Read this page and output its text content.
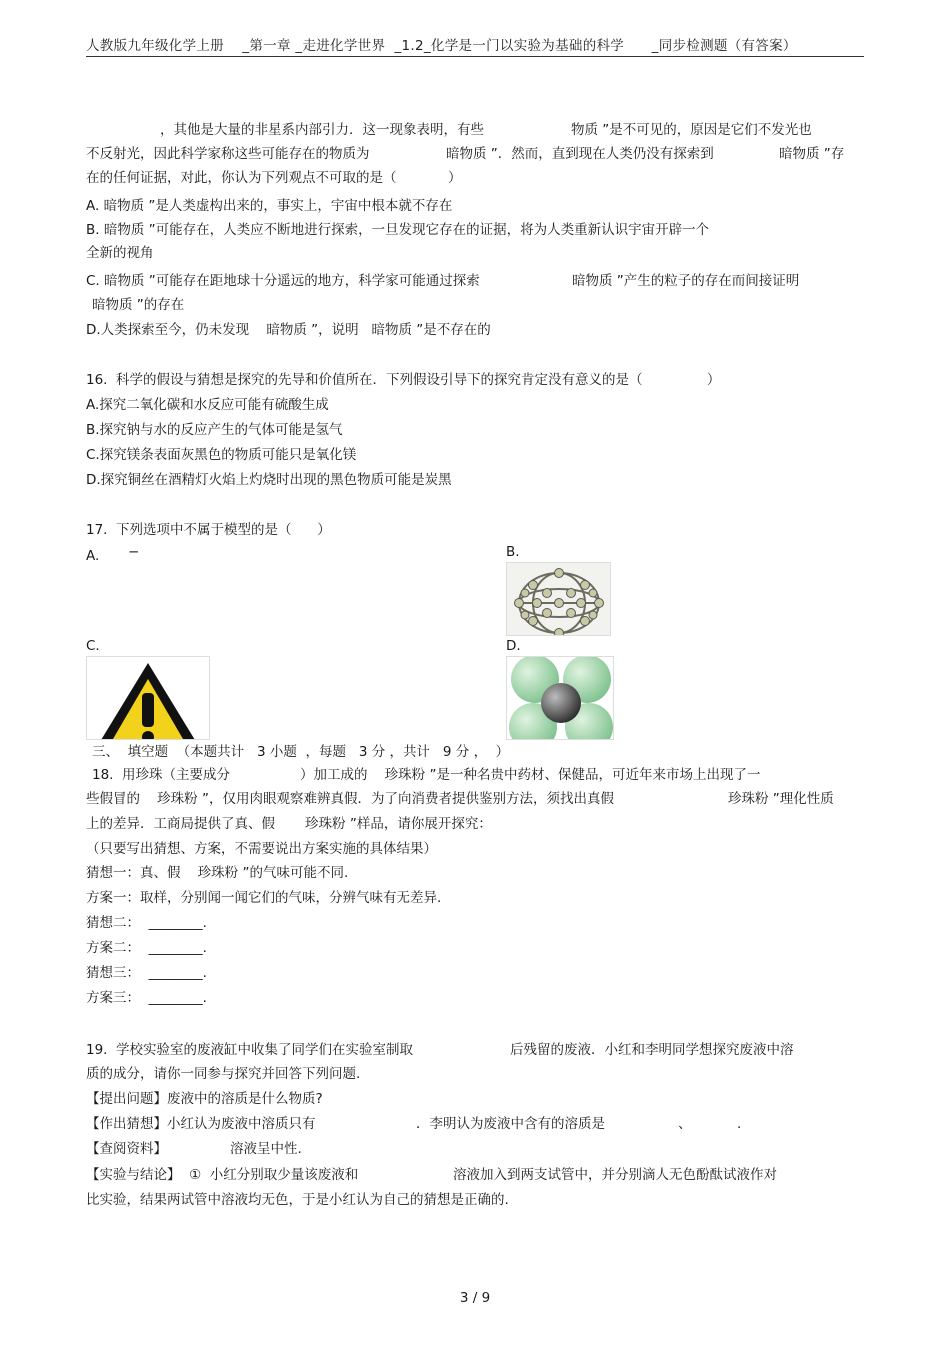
人教版九年级化学上册    _第一章 _走进化学世界  _1.2_化学是一门以实验为基础的科学      _同步检测题（有答案）
，其他是大量的非星系内部引力．这一现象表明，有些	物质 ”是不可见的，原因是它们不发光也
不反射光，因此科学家称这些可能存在的物质为	暗物质 ”．然而，直到现在人类仍没有探索到	暗物质 ”存
在的任何证据，对此，你认为下列观点不可取的是（            ）
A. 暗物质 ”是人类虚构出来的，事实上，宇宙中根本就不存在
B. 暗物质 ”可能存在，人类应不断地进行探索，一旦发现它存在的证据，将为人类重新认识宇宙开辟一个
全新的视角
C. 暗物质 ”可能存在距地球十分遥远的地方，科学家可能通过探索	暗物质 ”产生的粒子的存在而间接证明
暗物质 ”的存在
D.人类探索至今，仍未发现    暗物质 ”，说明   暗物质 ”是不存在的
16.  科学的假设与猜想是探究的先导和价值所在．下列假设引导下的探究肯定没有意义的是（               ）
A.探究二氧化碳和水反应可能有硫酸生成
B.探究钠与水的反应产生的气体可能是氢气
C.探究镁条表面灰黑色的物质可能只是氧化镁
D.探究铜丝在酒精灯火焰上灼烧时出现的黑色物质可能是炭黑
17.  下列选项中不属于模型的是（      ）
A. −	B.
C.	D.
三、  填空题  （本题共计   3 小题  ，每题   3 分 ，共计   9 分 ，  ）
18.  用珍珠（主要成分	）加工成的    珍珠粉 ”是一种名贵中药材、保健品，可近年来市场上出现了一
些假冒的    珍珠粉 ”，仅用肉眼观察难辨真假．为了向消费者提供鉴别方法，须找出真假	珍珠粉 ”理化性质
上的差异．工商局提供了真、假       珍珠粉 ”样品，请你展开探究：
（只要写出猜想、方案，不需要说出方案实施的具体结果）
猜想一：真、假    珍珠粉 ”的气味可能不同.
方案一：取样，分别闻一闻它们的气味，分辨气味有无差异.
猜想二：  ________.
方案二：  ________.
猜想三：  ________.
方案三：  ________.
19.  学校实验室的废液缸中收集了同学们在实验室制取	后残留的废液．小红和李明同学想探究废液中溶
质的成分，请你一同参与探究并回答下列问题.
【提出问题】废液中的溶质是什么物质?
【作出猜想】小红认为废液中溶质只有	．李明认为废液中含有的溶质是	、	.
【查阅资料】	溶液呈中性.
【实验与结论】  ①  小红分别取少量该废液和	溶液加入到两支试管中，并分别滴人无色酚酞试液作对
比实验，结果两试管中溶液均无色，于是小红认为自己的猜想是正确的.
3 / 9
